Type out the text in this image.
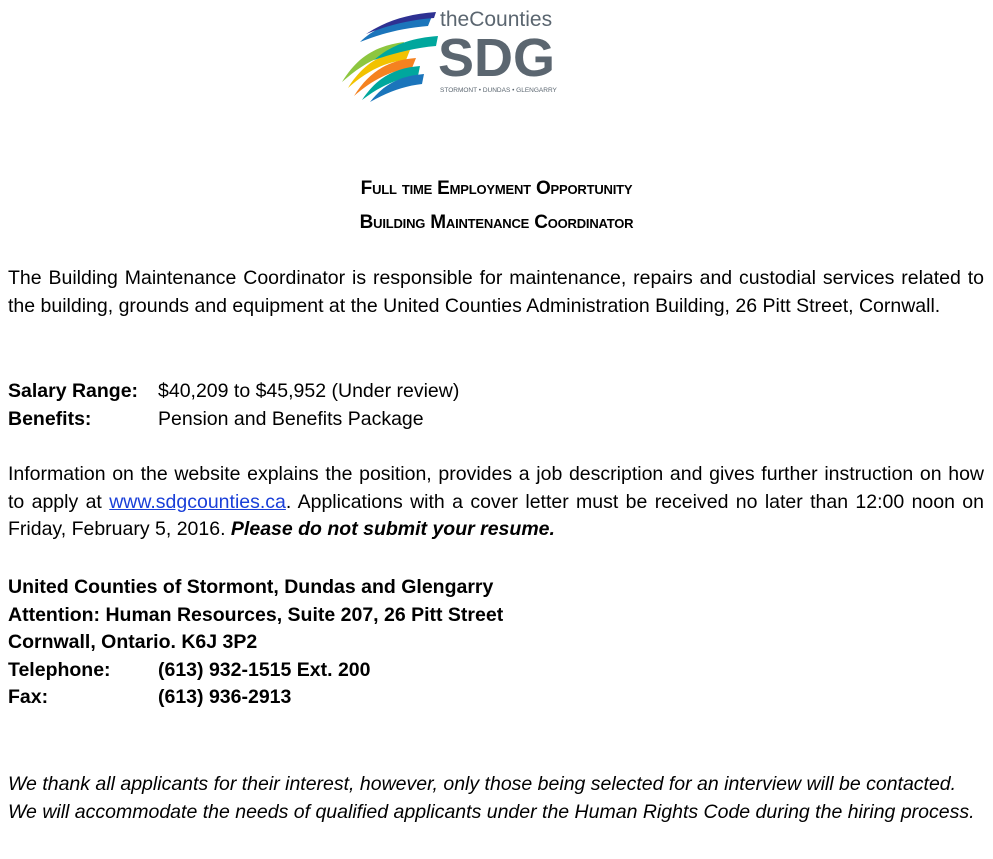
theCounties
SDG
STORMONT • DUNDAS • GLENGARRY
Full time Employment Opportunity
Building Maintenance Coordinator

The Building Maintenance Coordinator is responsible for maintenance, repairs and custodial services related to the building, grounds and equipment at the United Counties Administration Building, 26 Pitt Street, Cornwall.

Salary Range:	$40,209 to $45,952 (Under review)
Benefits:	Pension and Benefits Package

Information on the website explains the position, provides a job description and gives further instruction on how to apply at www.sdgcounties.ca. Applications with a cover letter must be received no later than 12:00 noon on Friday, February 5, 2016. Please do not submit your resume.

United Counties of Stormont, Dundas and Glengarry
Attention: Human Resources, Suite 207, 26 Pitt Street
Cornwall, Ontario. K6J 3P2
Telephone:	(613) 932-1515 Ext. 200
Fax:	(613) 936-2913

We thank all applicants for their interest, however, only those being selected for an interview will be contacted. We will accommodate the needs of qualified applicants under the Human Rights Code during the hiring process.
